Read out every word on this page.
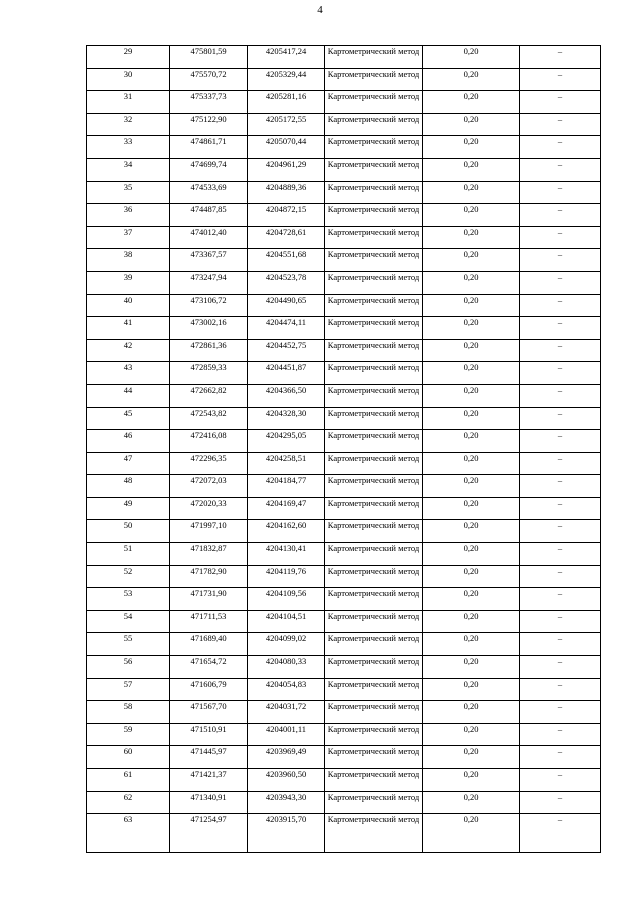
4
29	475801,59	4205417,24	Картометрический метод	0,20	–

30	475570,72	4205329,44	Картометрический метод	0,20	–

31	475337,73	4205281,16	Картометрический метод	0,20	–

32	475122,90	4205172,55	Картометрический метод	0,20	–

33	474861,71	4205070,44	Картометрический метод	0,20	–

34	474699,74	4204961,29	Картометрический метод	0,20	–

35	474533,69	4204889,36	Картометрический метод	0,20	–

36	474487,85	4204872,15	Картометрический метод	0,20	–

37	474012,40	4204728,61	Картометрический метод	0,20	–

38	473367,57	4204551,68	Картометрический метод	0,20	–

39	473247,94	4204523,78	Картометрический метод	0,20	–

40	473106,72	4204490,65	Картометрический метод	0,20	–

41	473002,16	4204474,11	Картометрический метод	0,20	–

42	472861,36	4204452,75	Картометрический метод	0,20	–

43	472859,33	4204451,87	Картометрический метод	0,20	–

44	472662,82	4204366,50	Картометрический метод	0,20	–

45	472543,82	4204328,30	Картометрический метод	0,20	–

46	472416,08	4204295,05	Картометрический метод	0,20	–

47	472296,35	4204258,51	Картометрический метод	0,20	–

48	472072,03	4204184,77	Картометрический метод	0,20	–

49	472020,33	4204169,47	Картометрический метод	0,20	–

50	471997,10	4204162,60	Картометрический метод	0,20	–

51	471832,87	4204130,41	Картометрический метод	0,20	–

52	471782,90	4204119,76	Картометрический метод	0,20	–

53	471731,90	4204109,56	Картометрический метод	0,20	–

54	471711,53	4204104,51	Картометрический метод	0,20	–

55	471689,40	4204099,02	Картометрический метод	0,20	–

56	471654,72	4204080,33	Картометрический метод	0,20	–

57	471606,79	4204054,83	Картометрический метод	0,20	–

58	471567,70	4204031,72	Картометрический метод	0,20	–

59	471510,91	4204001,11	Картометрический метод	0,20	–

60	471445,97	4203969,49	Картометрический метод	0,20	–

61	471421,37	4203960,50	Картометрический метод	0,20	–

62	471340,91	4203943,30	Картометрический метод	0,20	–

63	471254,97	4203915,70	Картометрический метод	0,20	–
